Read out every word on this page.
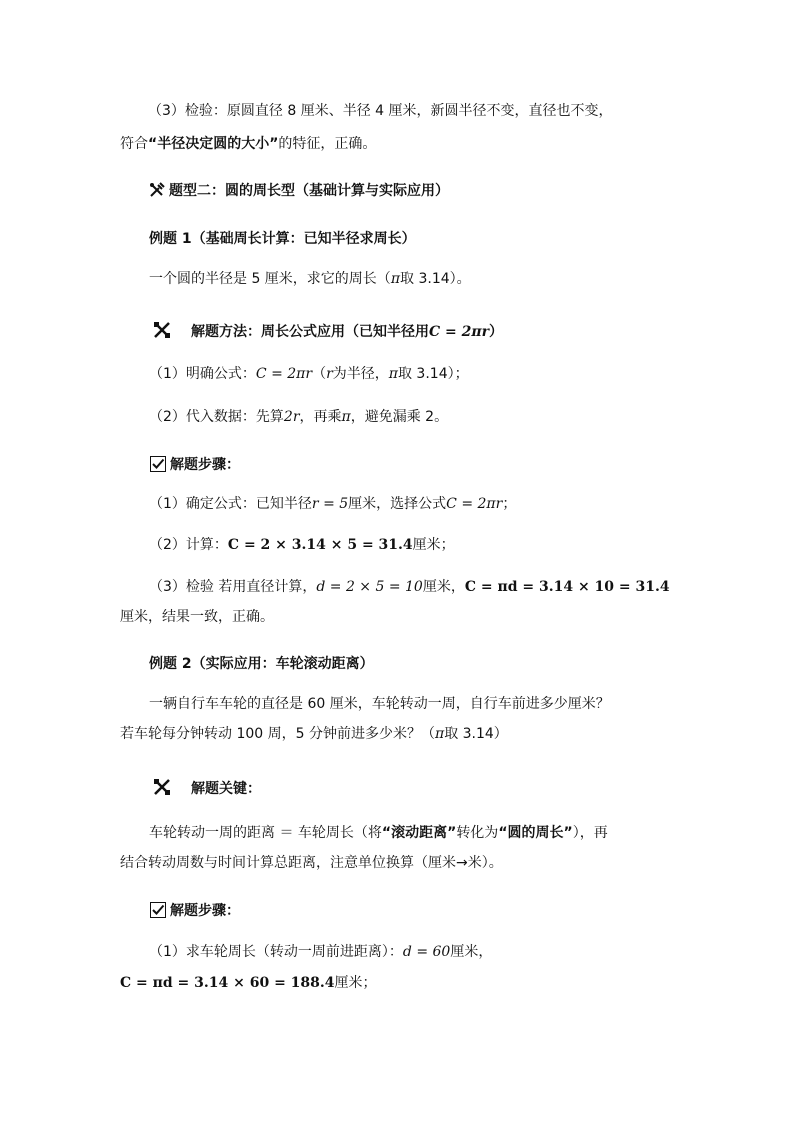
（3）检验：原圆直径 8 厘米、半径 4 厘米，新圆半径不变，直径也不变，
符合“半径决定圆的大小”的特征，正确。
题型二：圆的周长型（基础计算与实际应用）
例题 1（基础周长计算：已知半径求周长）
一个圆的半径是 5 厘米，求它的周长（π取 3.14）。
解题方法：周长公式应用（已知半径用C = 2πr）
（1）明确公式：C = 2πr（r为半径，π取 3.14）；
（2）代入数据：先算2r，再乘π，避免漏乘 2。
解题步骤：
（1）确定公式：已知半径r = 5厘米，选择公式C = 2πr；
（2）计算：C = 2 × 3.14 × 5 = 31.4厘米；
（3）检验 若用直径计算，d = 2 × 5 = 10厘米，C = πd = 3.14 × 10 = 31.4
厘米，结果一致，正确。
例题 2（实际应用：车轮滚动距离）
一辆自行车车轮的直径是 60 厘米，车轮转动一周，自行车前进多少厘米？
若车轮每分钟转动 100 周，5 分钟前进多少米？（π取 3.14）
解题关键：
车轮转动一周的距离 ＝ 车轮周长（将“滚动距离”转化为“圆的周长”），再
结合转动周数与时间计算总距离，注意单位换算（厘米→米）。
解题步骤：
（1）求车轮周长（转动一周前进距离）：d = 60厘米，
C = πd = 3.14 × 60 = 188.4厘米；
